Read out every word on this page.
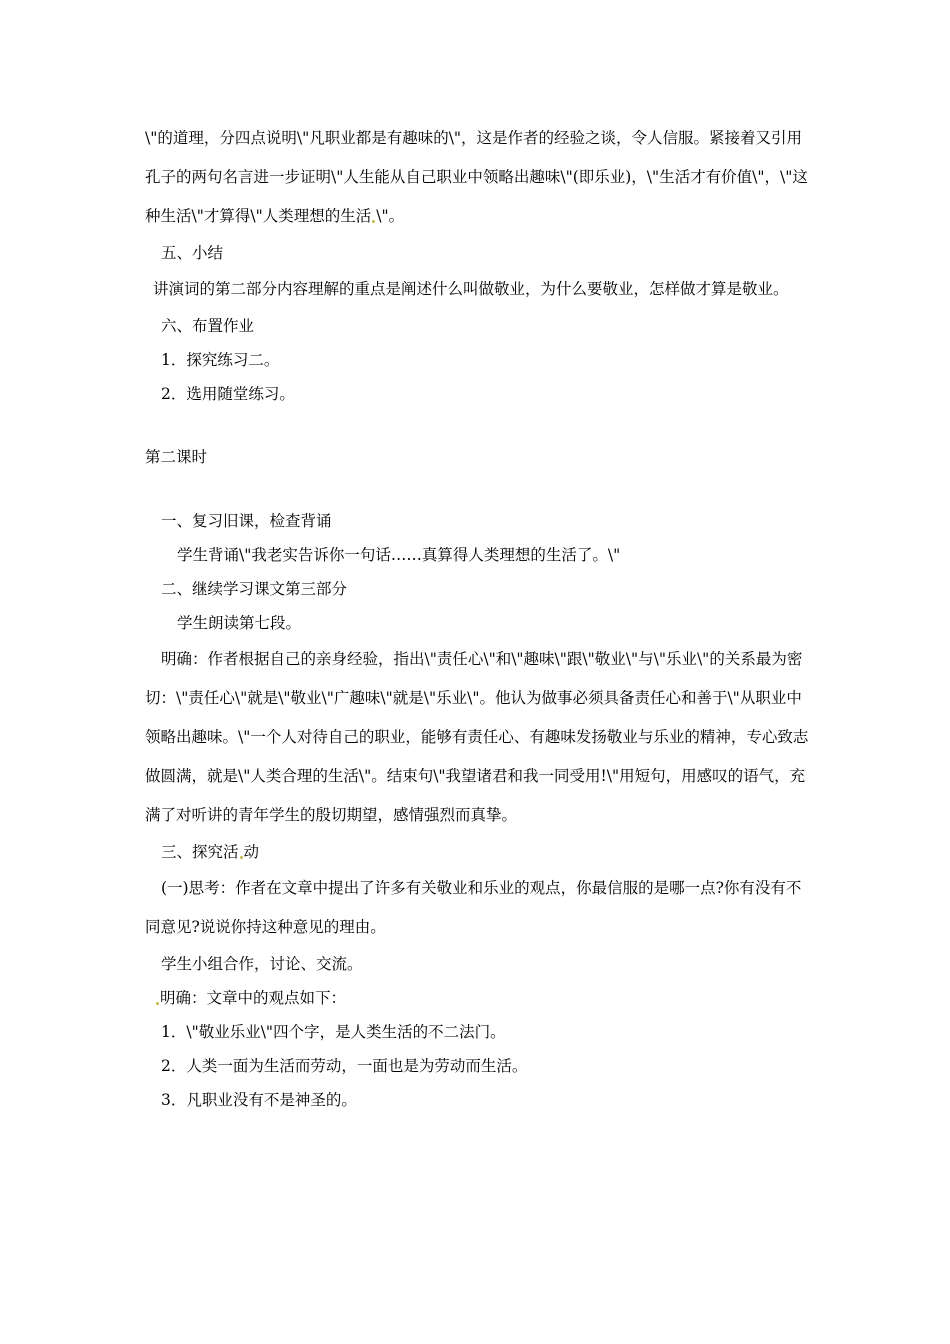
\"的道理，分四点说明\"凡职业都是有趣味的\"，这是作者的经验之谈，令人信服。紧接着又引用孔子的两句名言进一步证明\"人生能从自己职业中领略出趣味\"(即乐业)，\"生活才有价值\"，\"这种生活\"才算得\"人类理想的生活 \"。

五、小结

讲演词的第二部分内容理解的重点是阐述什么叫做敬业，为什么要敬业，怎样做才算是敬业。

六、布置作业

1．探究练习二。

2．选用随堂练习。

第二课时

一、复习旧课，检查背诵

学生背诵\"我老实告诉你一句话……真算得人类理想的生活了。\"

二、继续学习课文第三部分

学生朗读第七段。

明确：作者根据自己的亲身经验，指出\"责任心\"和\"趣味\"跟\"敬业\"与\"乐业\"的关系最为密切：\"责任心\"就是\"敬业\"广趣味\"就是\"乐业\"。他认为做事必须具备责任心和善于\"从职业中领略出趣味。\"一个人对待自己的职业，能够有责任心、有趣味发扬敬业与乐业的精神，专心致志做圆满，就是\"人类合理的生活\"。结束句\"我望诸君和我一同受用!\"用短句，用感叹的语气，充满了对听讲的青年学生的殷切期望，感情强烈而真挚。

三、探究活 动

(一)思考：作者在文章中提出了许多有关敬业和乐业的观点，你最信服的是哪一点?你有没有不同意见?说说你持这种意见的理由。

学生小组合作，讨论、交流。

明确：文章中的观点如下：

1．\"敬业乐业\"四个字，是人类生活的不二法门。

2．人类一面为生活而劳动，一面也是为劳动而生活。

3．凡职业没有不是神圣的。
